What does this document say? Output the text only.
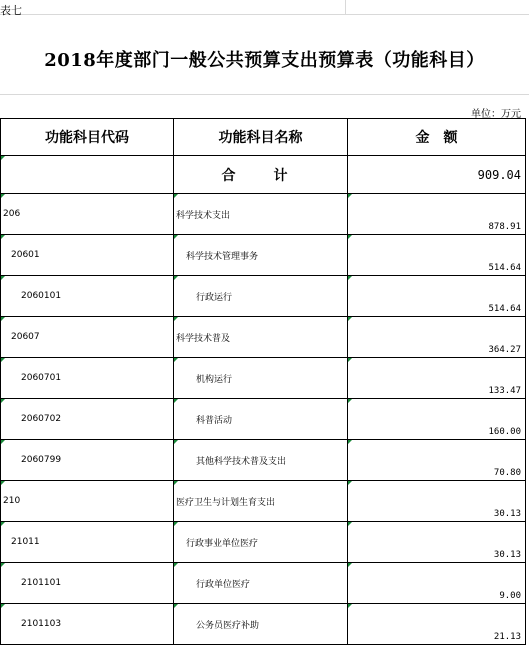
表七
2018年度部门一般公共预算支出预算表（功能科目）
单位：万元
功能科目代码	功能科目名称	金　额

	合　计	909.04

206	科学技术支出	878.91

20601	科学技术管理事务	514.64

2060101	行政运行	514.64

20607	科学技术普及	364.27

2060701	机构运行	133.47

2060702	科普活动	160.00

2060799	其他科学技术普及支出	70.80

210	医疗卫生与计划生育支出	30.13

21011	行政事业单位医疗	30.13

2101101	行政单位医疗	9.00

2101103	公务员医疗补助	21.13
